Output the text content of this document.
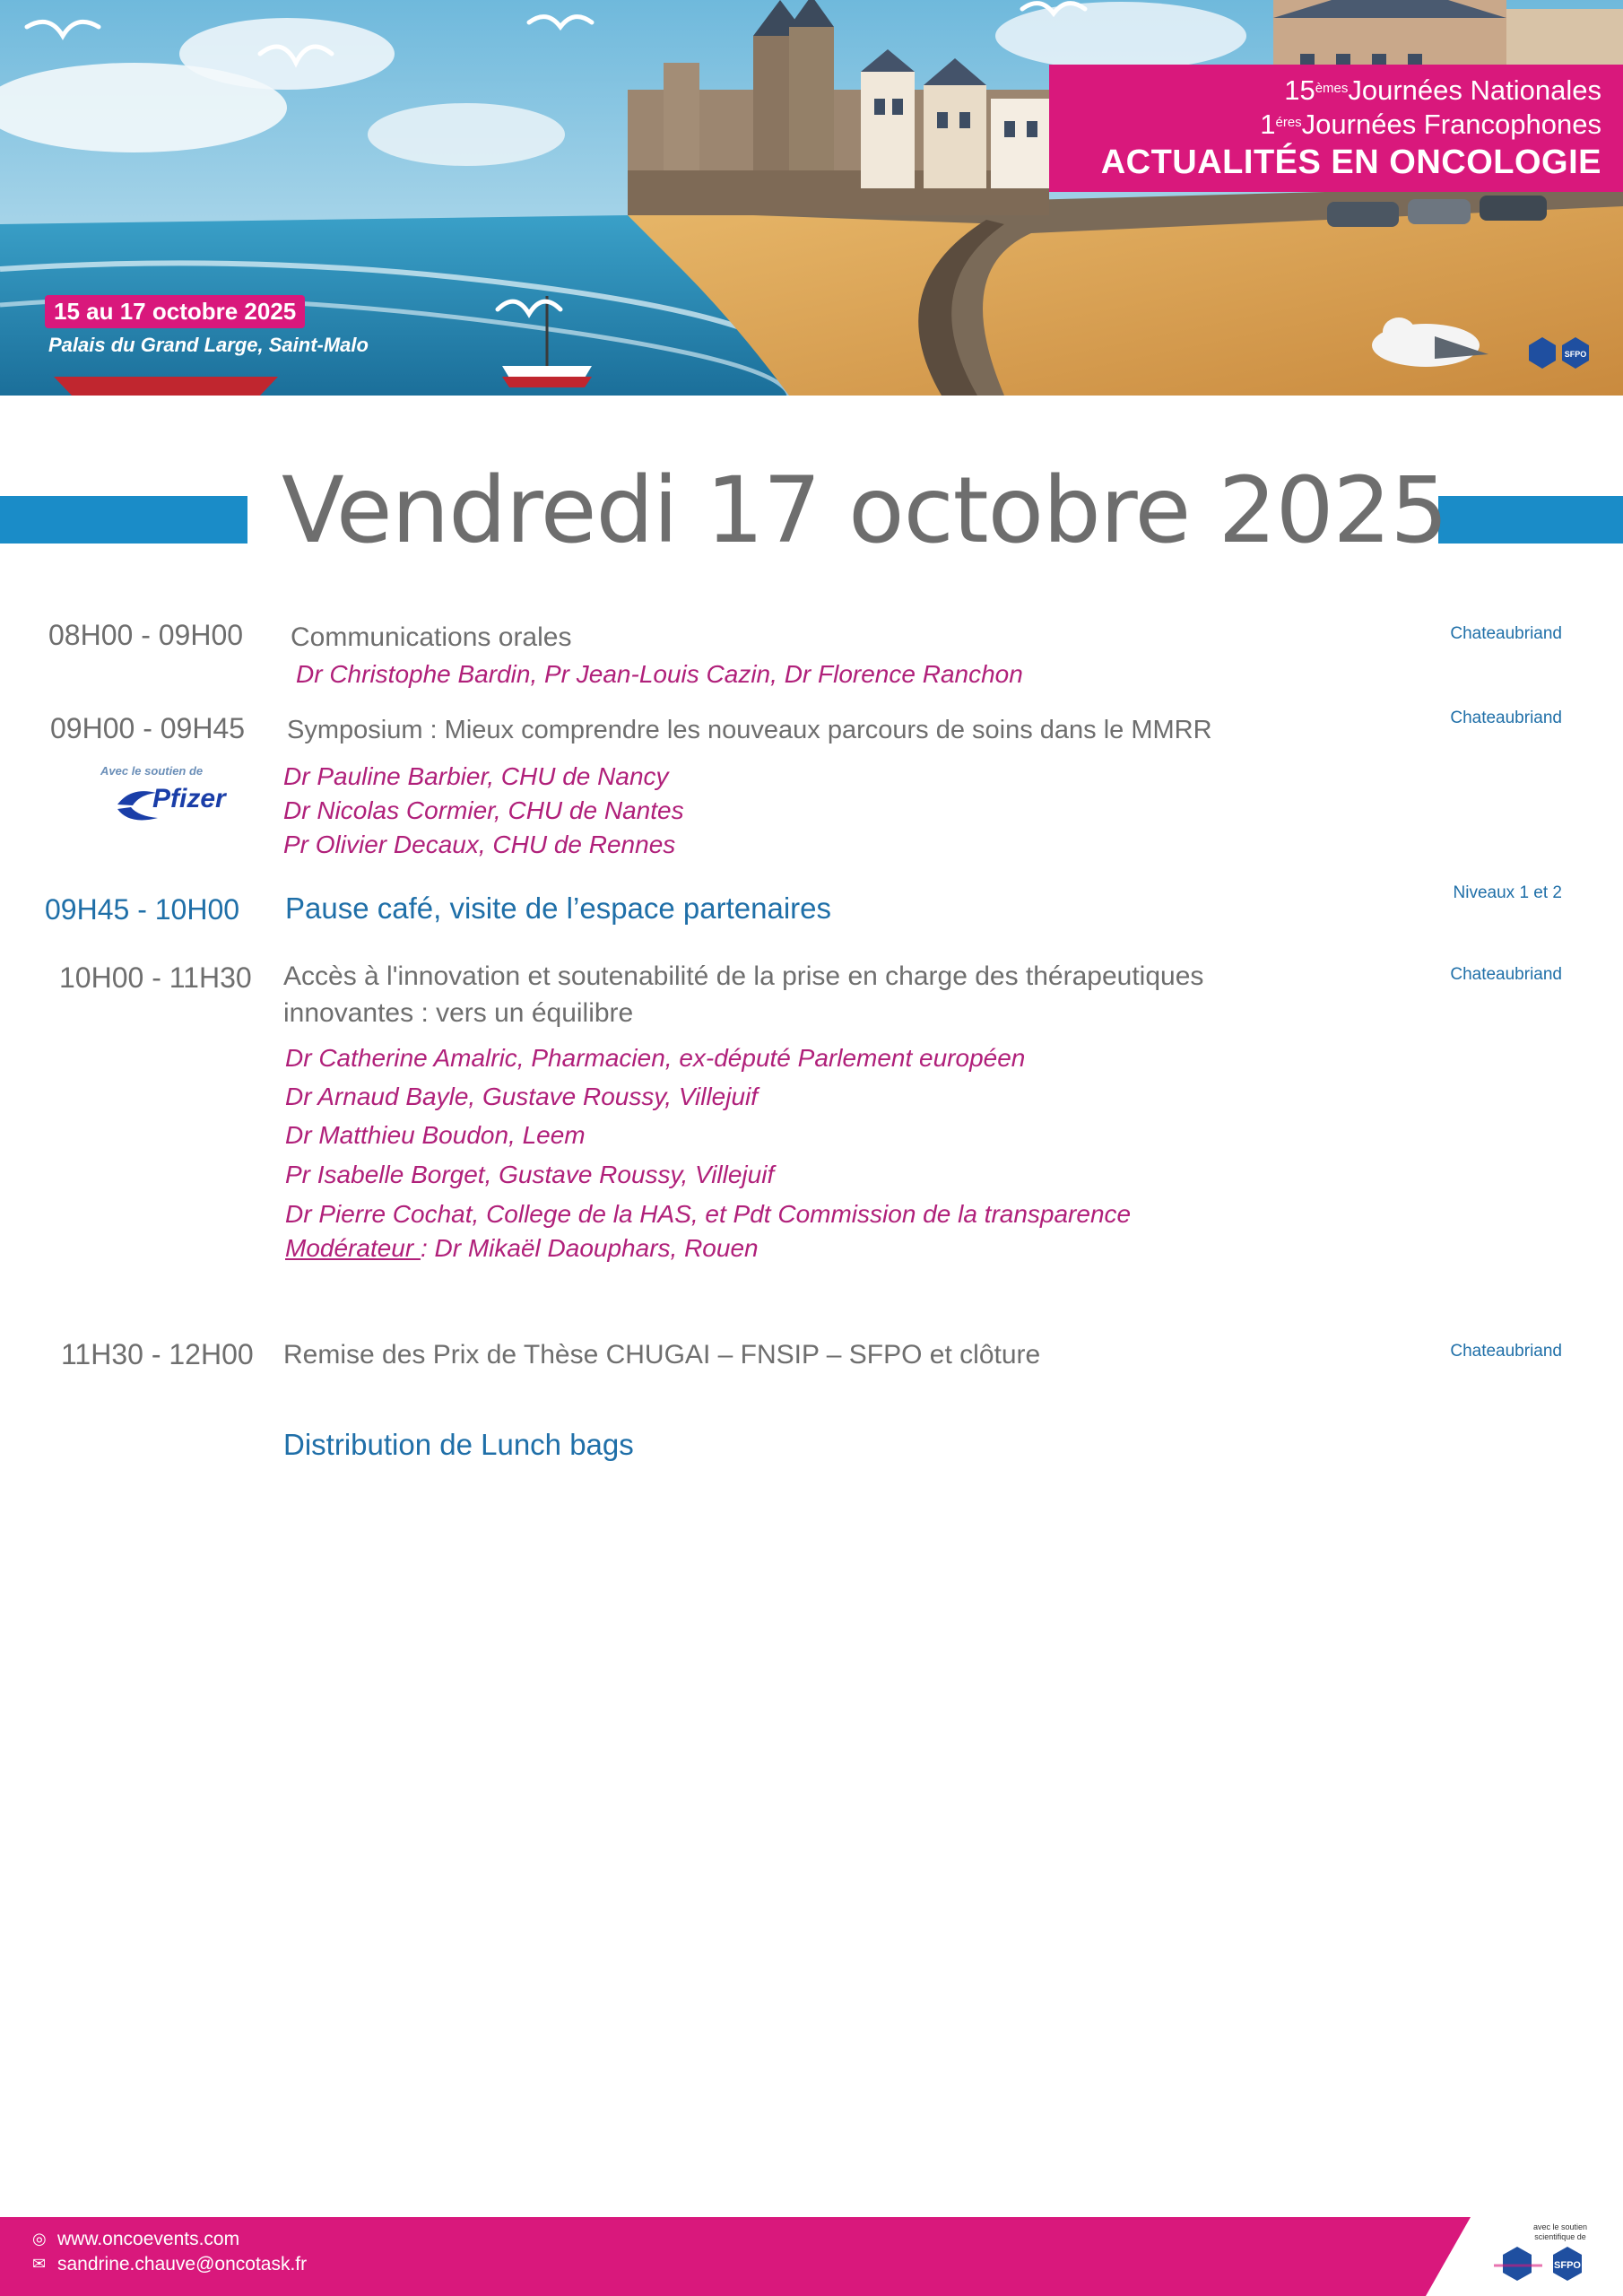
SFPO
15èmesJournées Nationales
$1^{éres}Journées$ Francophones
ACTUALITÉS EN ONCOLOGIE
15 au 17 octobre 2025
Palais du Grand Large, Saint-Malo
Vendredi 17 octobre 2025
08H00 - 09H00 Communications orales	Chateaubriand
Dr Christophe Bardin, Pr Jean-Louis Cazin, Dr Florence Ranchon
09H00 - 09H45 Symposium : Mieux comprendre les nouveaux parcours de soins dans le MMRR	Chateaubriand
Avec le soutien de
Pfizer
Dr Pauline Barbier, CHU de Nancy
Dr Nicolas Cormier, CHU de Nantes
Pr Olivier Decaux, CHU de Rennes
09H45 - 10H00 Pause café, visite de l’espace partenaires	Niveaux 1 et 2
10H00 - 11H30 Accès à l'innovation et soutenabilité de la prise en charge des thérapeutiques
innovantes : vers un équilibre
Chateaubriand
Dr Catherine Amalric, Pharmacien, ex-député Parlement européen
Dr Arnaud Bayle, Gustave Roussy, Villejuif
Dr Matthieu Boudon, Leem
Pr Isabelle Borget, Gustave Roussy, Villejuif
Dr Pierre Cochat, College de la HAS, et Pdt Commission de la transparence
Modérateur : Dr Mikaël Daouphars, Rouen
11H30 - 12H00 Remise des Prix de Thèse CHUGAI – FNSIP – SFPO et clôture	Chateaubriand
Distribution de Lunch bags
◎ www.oncoevents.com
✉ sandrine.chauve@oncotask.fr
avec le soutien scientifique de
SFPO
